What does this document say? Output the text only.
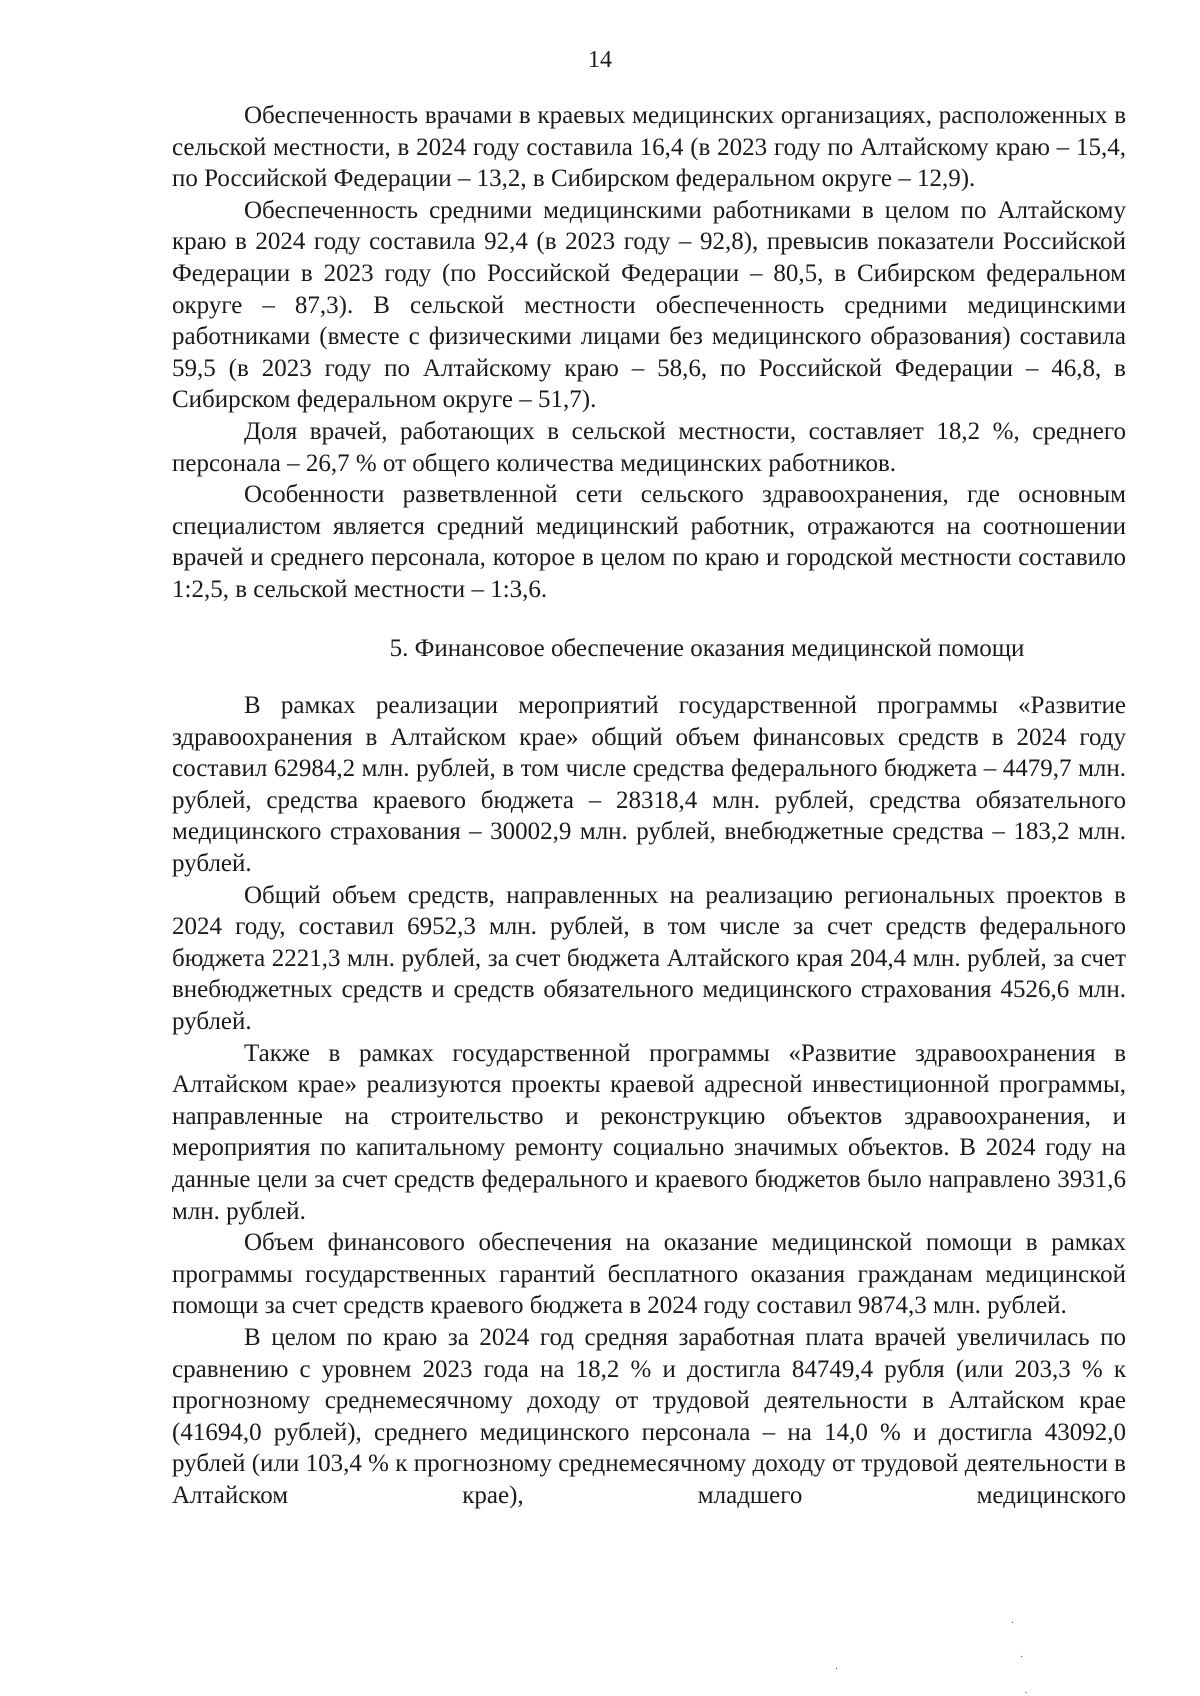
14

Обеспеченность врачами в краевых медицинских организациях, расположенных в сельской местности, в 2024 году составила 16,4 (в 2023 году по Алтайскому краю – 15,4, по Российской Федерации – 13,2, в Сибирском федеральном округе – 12,9).

Обеспеченность средними медицинскими работниками в целом по Алтайскому краю в 2024 году составила 92,4 (в 2023 году – 92,8), превысив показатели Российской Федерации в 2023 году (по Российской Федерации – 80,5, в Сибирском федеральном округе – 87,3). В сельской местности обеспеченность средними медицинскими работниками (вместе с физическими лицами без медицинского образования) составила 59,5 (в 2023 году по Алтайскому краю – 58,6, по Российской Федерации – 46,8, в Сибирском федеральном округе – 51,7).

Доля врачей, работающих в сельской местности, составляет 18,2 %, среднего персонала – 26,7 % от общего количества медицинских работников.

Особенности разветвленной сети сельского здравоохранения, где основным специалистом является средний медицинский работник, отражаются на соотношении врачей и среднего персонала, которое в целом по краю и городской местности составило 1:2,5, в сельской местности – 1:3,6.

5. Финансовое обеспечение оказания медицинской помощи

В рамках реализации мероприятий государственной программы «Развитие здравоохранения в Алтайском крае» общий объем финансовых средств в 2024 году составил 62984,2 млн. рублей, в том числе средства федерального бюджета – 4479,7 млн. рублей, средства краевого бюджета – 28318,4 млн. рублей, средства обязательного медицинского страхования – 30002,9 млн. рублей, внебюджетные средства – 183,2 млн. рублей.

Общий объем средств, направленных на реализацию региональных проектов в 2024 году, составил 6952,3 млн. рублей, в том числе за счет средств федерального бюджета 2221,3 млн. рублей, за счет бюджета Алтайского края 204,4 млн. рублей, за счет внебюджетных средств и средств обязательного медицинского страхования 4526,6 млн. рублей.

Также в рамках государственной программы «Развитие здравоохранения в Алтайском крае» реализуются проекты краевой адресной инвестиционной программы, направленные на строительство и реконструкцию объектов здравоохранения, и мероприятия по капитальному ремонту социально значимых объектов. В 2024 году на данные цели за счет средств федерального и краевого бюджетов было направлено 3931,6 млн. рублей.

Объем финансового обеспечения на оказание медицинской помощи в рамках программы государственных гарантий бесплатного оказания гражданам медицинской помощи за счет средств краевого бюджета в 2024 году составил 9874,3 млн. рублей.

В целом по краю за 2024 год средняя заработная плата врачей увеличилась по сравнению с уровнем 2023 года на 18,2 % и достигла 84749,4 рубля (или 203,3 % к прогнозному среднемесячному доходу от трудовой деятельности в Алтайском крае (41694,0 рублей), среднего медицинского персонала – на 14,0 % и достигла 43092,0 рублей (или 103,4 % к прогнозному среднемесячному доходу от трудовой деятельности в Алтайском крае), младшего медицинского

·
·
ˎ
·
